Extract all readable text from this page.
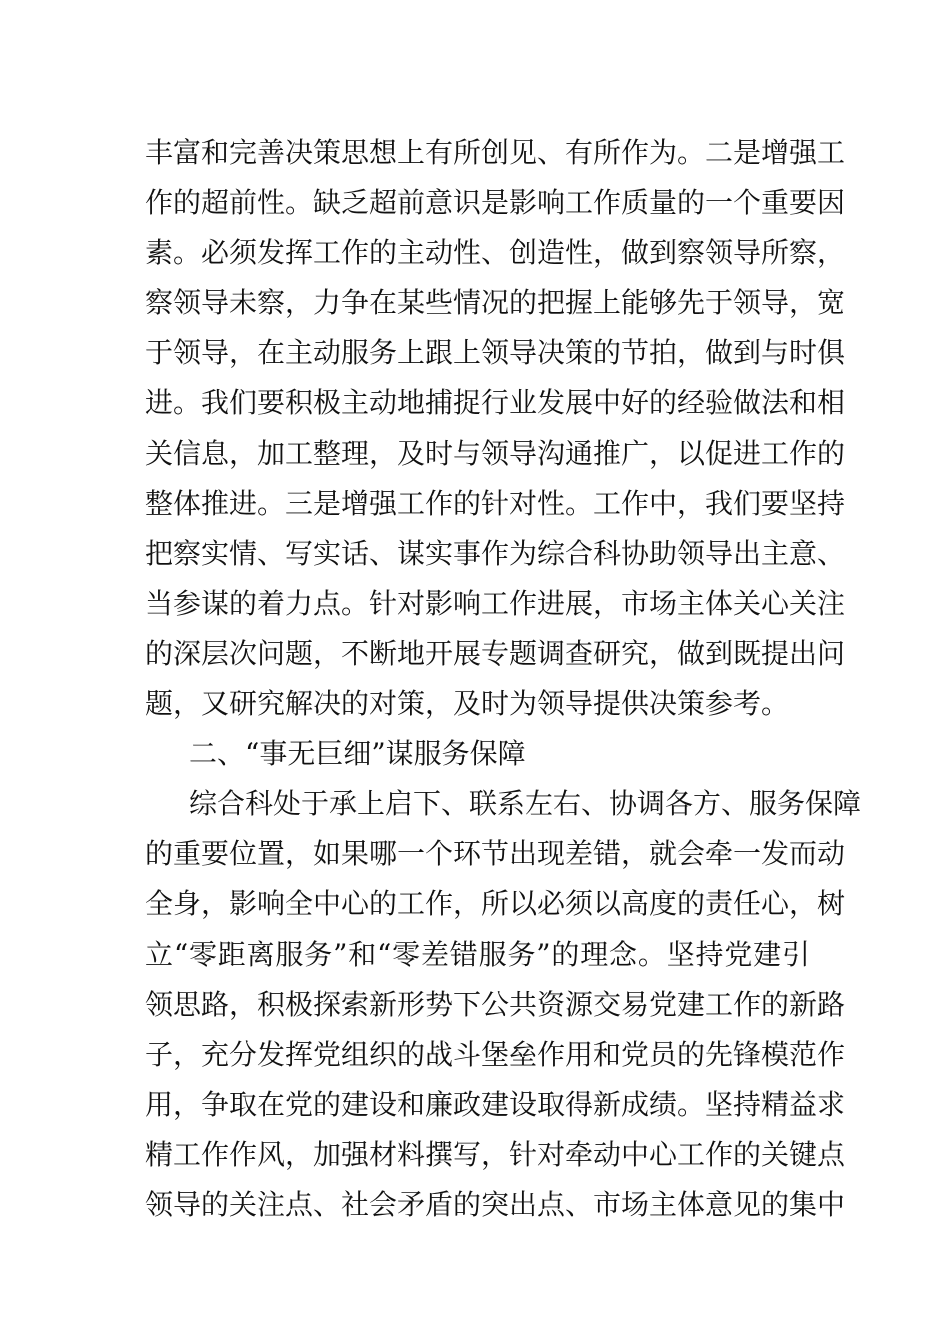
丰富和完善决策思想上有所创见、有所作为。二是增强工
作的超前性。缺乏超前意识是影响工作质量的一个重要因
素。必须发挥工作的主动性、创造性，做到察领导所察，
察领导未察，力争在某些情况的把握上能够先于领导，宽
于领导，在主动服务上跟上领导决策的节拍，做到与时俱
进。我们要积极主动地捕捉行业发展中好的经验做法和相
关信息，加工整理，及时与领导沟通推广，以促进工作的
整体推进。三是增强工作的针对性。工作中，我们要坚持
把察实情、写实话、谋实事作为综合科协助领导出主意、
当参谋的着力点。针对影响工作进展，市场主体关心关注
的深层次问题，不断地开展专题调查研究，做到既提出问
题，又研究解决的对策，及时为领导提供决策参考。
二、“事无巨细”谋服务保障
综合科处于承上启下、联系左右、协调各方、服务保障
的重要位置，如果哪一个环节出现差错，就会牵一发而动
全身，影响全中心的工作，所以必须以高度的责任心，树
立“零距离服务”和“零差错服务”的理念。坚持党建引
领思路，积极探索新形势下公共资源交易党建工作的新路
子，充分发挥党组织的战斗堡垒作用和党员的先锋模范作
用，争取在党的建设和廉政建设取得新成绩。坚持精益求
精工作作风，加强材料撰写，针对牵动中心工作的关键点
领导的关注点、社会矛盾的突出点、市场主体意见的集中
